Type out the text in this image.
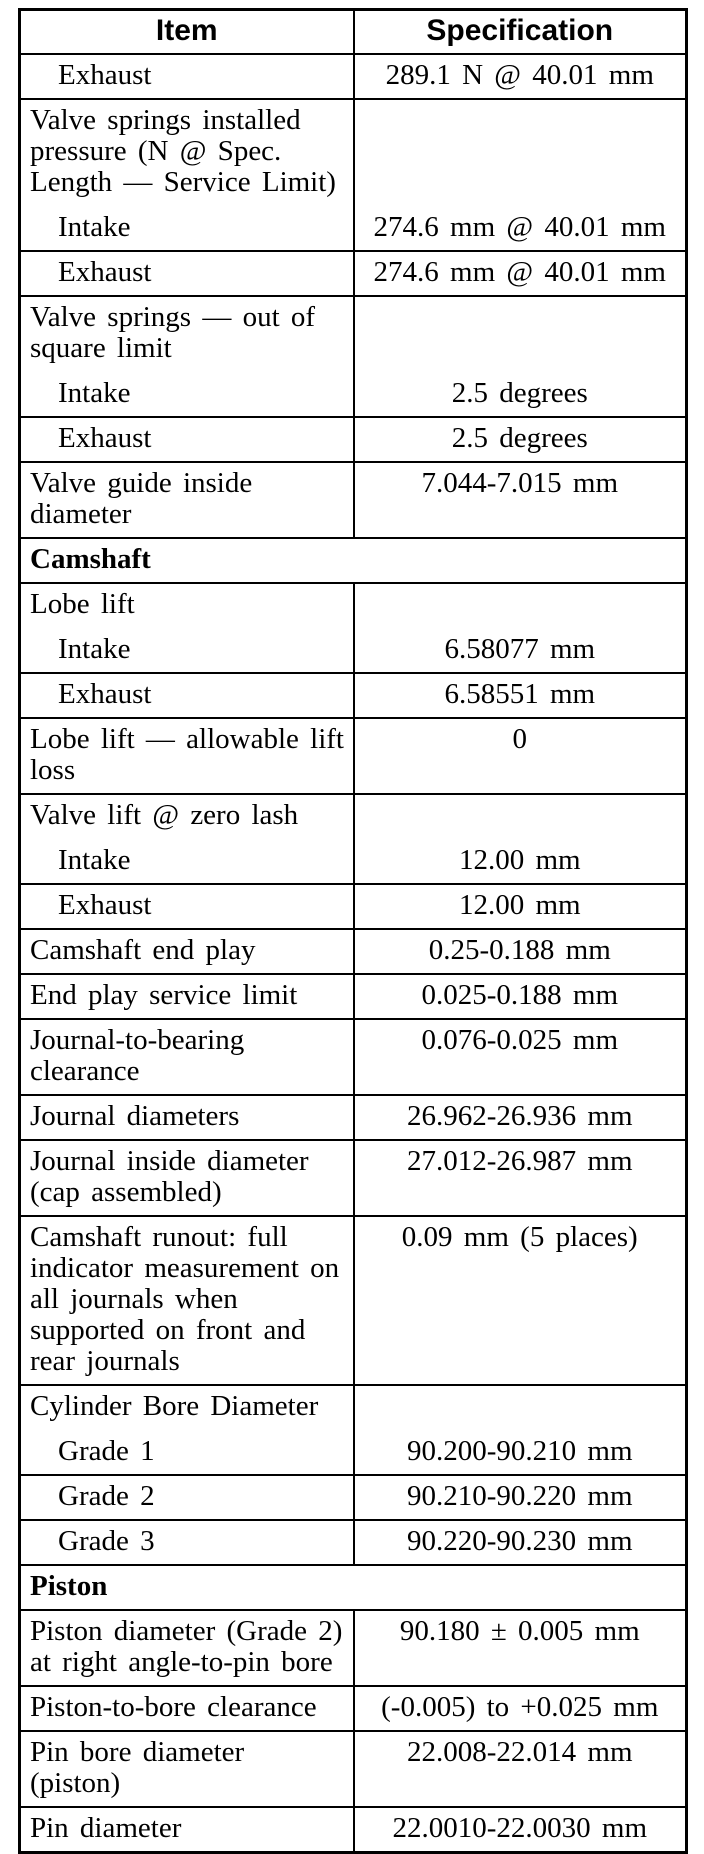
Item	Specification
Exhaust	289.1 N @ 40.01 mm

Valve springs installed pressure (N @ Spec. Length — Service Limit)
Intake	274.6 mm @ 40.01 mm
Exhaust	274.6 mm @ 40.01 mm

Valve springs — out of square limit
Intake	2.5 degrees
Exhaust	2.5 degrees
Valve guide inside diameter	7.044-7.015 mm
Camshaft	

Lobe lift
Intake	6.58077 mm
Exhaust	6.58551 mm
Lobe lift — allowable lift loss	0

Valve lift @ zero lash
Intake	12.00 mm
Exhaust	12.00 mm
Camshaft end play	0.25-0.188 mm
End play service limit	0.025-0.188 mm
Journal-to-bearing clearance	0.076-0.025 mm
Journal diameters	26.962-26.936 mm
Journal inside diameter (cap assembled)	27.012-26.987 mm
Camshaft runout: full indicator measurement on all journals when supported on front and rear journals	0.09 mm (5 places)

Cylinder Bore Diameter
Grade 1	90.200-90.210 mm
Grade 2	90.210-90.220 mm
Grade 3	90.220-90.230 mm
Piston	
Piston diameter (Grade 2) at right angle-to-pin bore	90.180 ± 0.005 mm
Piston-to-bore clearance	(-0.005) to +0.025 mm
Pin bore diameter (piston)	22.008-22.014 mm
Pin diameter	22.0010-22.0030 mm
